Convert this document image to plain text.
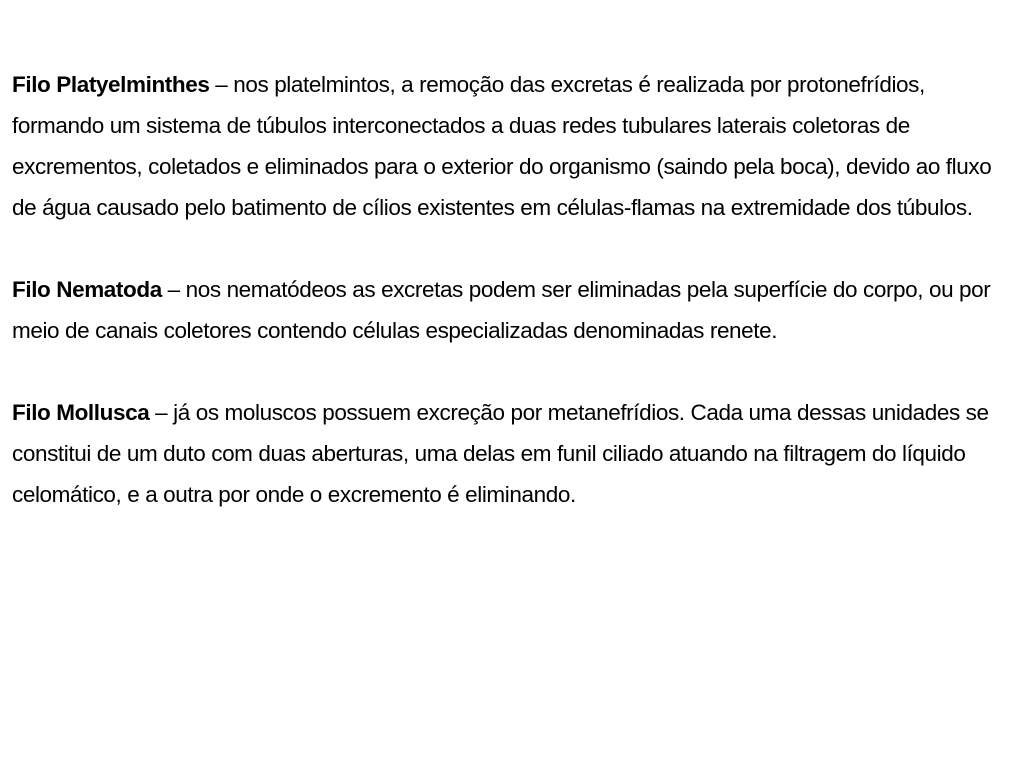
Filo Platyelminthes – nos platelmintos, a remoção das excretas é realizada por protonefrídios, formando um sistema de túbulos interconectados a duas redes tubulares laterais coletoras de excrementos, coletados e eliminados para o exterior do organismo (saindo pela boca), devido ao fluxo de água causado pelo batimento de cílios existentes em células-flamas na extremidade dos túbulos.

Filo Nematoda – nos nematódeos as excretas podem ser eliminadas pela superfície do corpo, ou por meio de canais coletores contendo células especializadas denominadas renete.

Filo Mollusca – já os moluscos possuem excreção por metanefrídios. Cada uma dessas unidades se constitui de um duto com duas aberturas, uma delas em funil ciliado atuando na filtragem do líquido celomático, e a outra por onde o excremento é eliminando.
